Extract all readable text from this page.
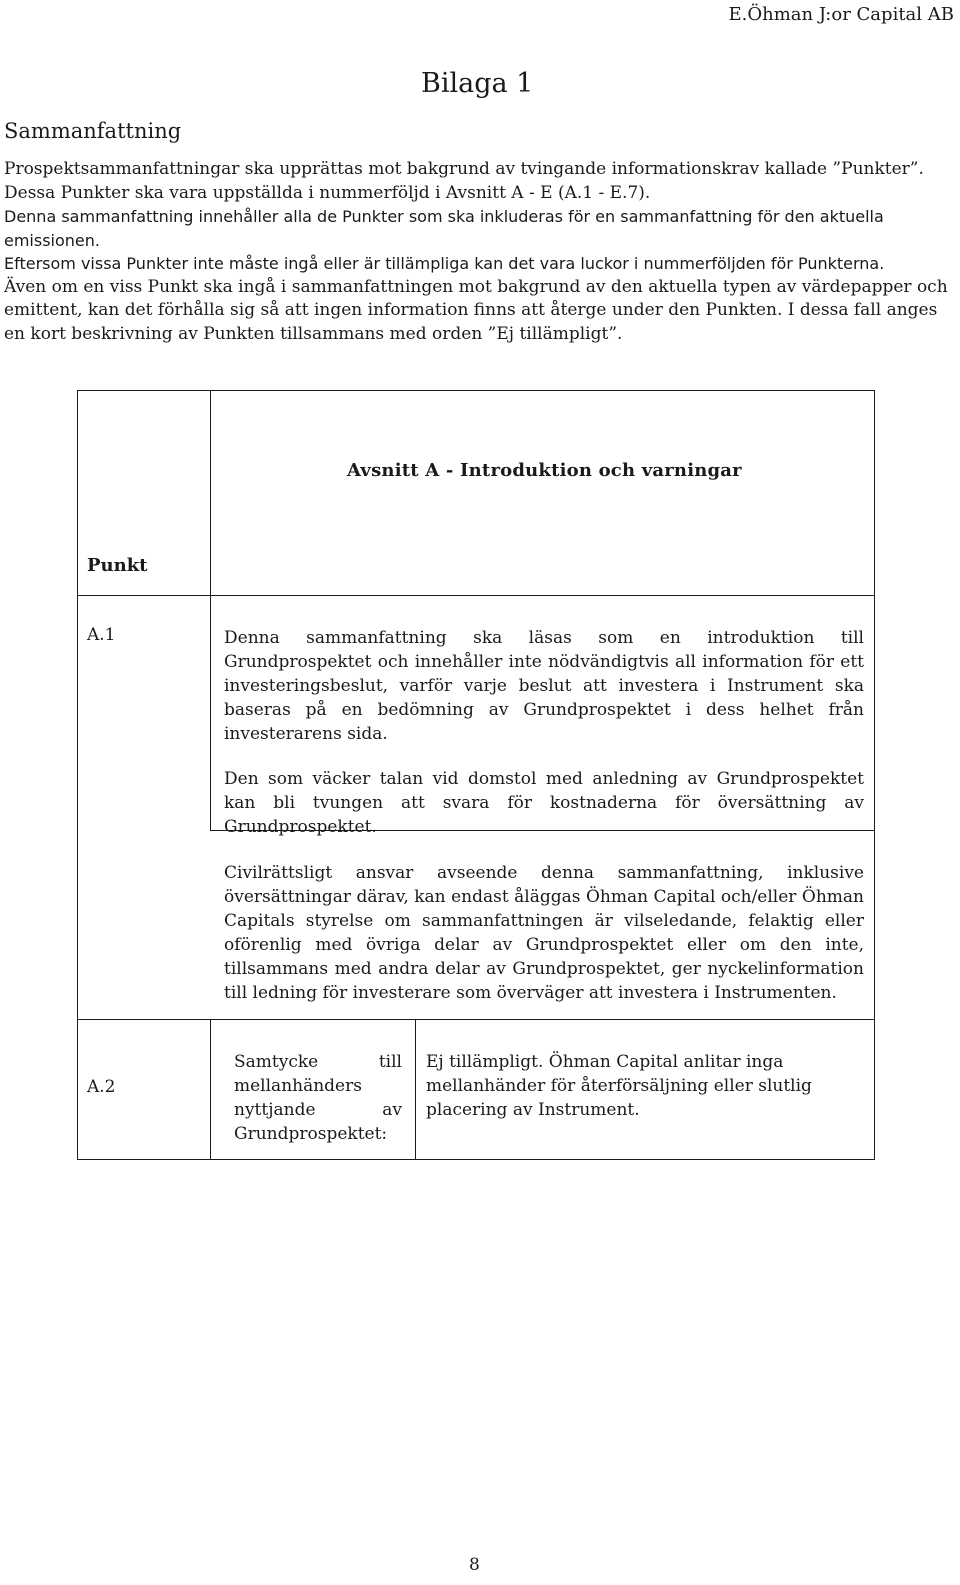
E.Öhman J:or Capital AB
Bilaga 1
Sammanfattning

Prospektsammanfattningar ska upprättas mot bakgrund av tvingande informationskrav kallade ”Punkter”. Dessa Punkter ska vara uppställda i nummerföljd i Avsnitt A - E (A.1 - E.7).

Denna sammanfattning innehåller alla de Punkter som ska inkluderas för en sammanfattning för den aktuella emissionen.

Eftersom vissa Punkter inte måste ingå eller är tillämpliga kan det vara luckor i nummerföljden för Punkterna.

Även om en viss Punkt ska ingå i sammanfattningen mot bakgrund av den aktuella typen av värdepapper och emittent, kan det förhålla sig så att ingen information finns att återge under den Punkten. I dessa fall anges en kort beskrivning av Punkten tillsammans med orden ”Ej tillämpligt”.

Avsnitt A - Introduktion och varningar
Punkt
A.1	Denna sammanfattning ska läsas som en introduktion till Grundprospektet och innehåller inte nödvändigtvis all information för ett investeringsbeslut, varför varje beslut att investera i Instrument ska baseras på en bedömning av Grundprospektet i dess helhet från investerarens sida.
Den som väcker talan vid domstol med anledning av Grundprospektet kan bli tvungen att svara för kostnaderna för översättning av Grundprospektet.
Civilrättsligt ansvar avseende denna sammanfattning, inklusive översättningar därav, kan endast åläggas Öhman Capital och/eller Öhman Capitals styrelse om sammanfattningen är vilseledande, felaktig eller oförenlig med övriga delar av Grundprospektet eller om den inte, tillsammans med andra delar av Grundprospektet, ger nyckelinformation till ledning för investerare som överväger att investera i Instrumenten.
A.2
Samtycke till mellanhänders nyttjande av Grundprospektet:
Ej tillämpligt. Öhman Capital anlitar inga mellanhänder för återförsäljning eller slutlig placering av Instrument.
8
